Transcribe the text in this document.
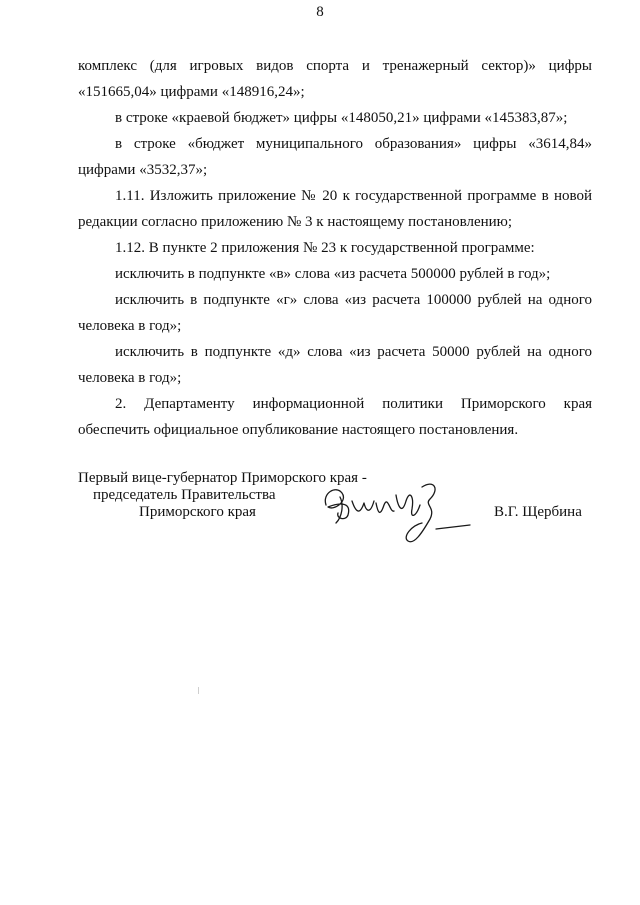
8

комплекс (для игровых видов спорта и тренажерный сектор)» цифры «151665,04» цифрами «148916,24»;

в строке «краевой бюджет» цифры «148050,21» цифрами «145383,87»;

в строке «бюджет муниципального образования» цифры «3614,84» цифрами «3532,37»;

1.11. Изложить приложение № 20 к государственной программе в новой редакции согласно приложению № 3 к настоящему постановлению;

1.12. В пункте 2 приложения № 23 к государственной программе:

исключить в подпункте «в» слова «из расчета 500000 рублей в год»;

исключить в подпункте «г» слова «из расчета 100000 рублей на одного человека в год»;

исключить в подпункте «д» слова «из расчета 50000 рублей на одного человека в год»;

2. Департаменту информационной политики Приморского края обеспечить официальное опубликование настоящего постановления.

Первый вице-губернатор Приморского края -
председатель Правительства
Приморского края	В.Г. Щербина
